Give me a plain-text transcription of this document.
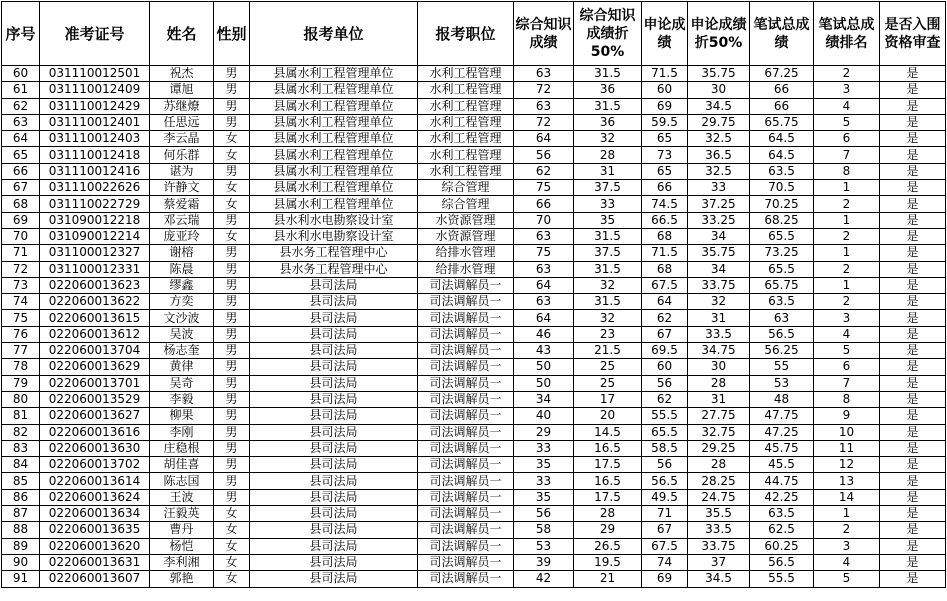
序号	准考证号	姓名	性别	报考单位	报考职位	综合知识成绩	综合知识成绩折50%	申论成绩	申论成绩折50%	笔试总成绩	笔试总成绩排名	是否入围资格审查
60	031110012501	祝杰	男	县属水利工程管理单位	水利工程管理	63	31.5	71.5	35.75	67.25	2	是
61	031110012409	谭旭	男	县属水利工程管理单位	水利工程管理	72	36	60	30	66	3	是
62	031110012429	苏继燎	男	县属水利工程管理单位	水利工程管理	63	31.5	69	34.5	66	4	是
63	031110012401	任思远	男	县属水利工程管理单位	水利工程管理	72	36	59.5	29.75	65.75	5	是
64	031110012403	李云晶	女	县属水利工程管理单位	水利工程管理	64	32	65	32.5	64.5	6	是
65	031110012418	何乐群	女	县属水利工程管理单位	水利工程管理	56	28	73	36.5	64.5	7	是
66	031110012416	谌为	男	县属水利工程管理单位	水利工程管理	62	31	65	32.5	63.5	8	是
67	031110022626	许静文	女	县属水利工程管理单位	综合管理	75	37.5	66	33	70.5	1	是
68	031110022729	蔡爱霜	女	县属水利工程管理单位	综合管理	66	33	74.5	37.25	70.25	2	是
69	031090012218	邓云瑞	男	县水利水电勘察设计室	水资源管理	70	35	66.5	33.25	68.25	1	是
70	031090012214	庞亚玲	女	县水利水电勘察设计室	水资源管理	63	31.5	68	34	65.5	2	是
71	031100012327	谢榕	男	县水务工程管理中心	给排水管理	75	37.5	71.5	35.75	73.25	1	是
72	031100012331	陈晨	男	县水务工程管理中心	给排水管理	63	31.5	68	34	65.5	2	是
73	022060013623	缪鑫	男	县司法局	司法调解员一	64	32	67.5	33.75	65.75	1	是
74	022060013622	方奕	男	县司法局	司法调解员一	63	31.5	64	32	63.5	2	是
75	022060013615	文沙波	男	县司法局	司法调解员一	64	32	62	31	63	3	是
76	022060013612	吴波	男	县司法局	司法调解员一	46	23	67	33.5	56.5	4	是
77	022060013704	杨志奎	男	县司法局	司法调解员一	43	21.5	69.5	34.75	56.25	5	是
78	022060013629	黄律	男	县司法局	司法调解员一	50	25	60	30	55	6	是
79	022060013701	吴奇	男	县司法局	司法调解员一	50	25	56	28	53	7	是
80	022060013529	李毅	男	县司法局	司法调解员一	34	17	62	31	48	8	是
81	022060013627	柳果	男	县司法局	司法调解员一	40	20	55.5	27.75	47.75	9	是
82	022060013616	李刚	男	县司法局	司法调解员一	29	14.5	65.5	32.75	47.25	10	是
83	022060013630	庄稳根	男	县司法局	司法调解员一	33	16.5	58.5	29.25	45.75	11	是
84	022060013702	胡佳喜	男	县司法局	司法调解员一	35	17.5	56	28	45.5	12	是
85	022060013614	陈志国	男	县司法局	司法调解员一	33	16.5	56.5	28.25	44.75	13	是
86	022060013624	王波	男	县司法局	司法调解员一	35	17.5	49.5	24.75	42.25	14	是
87	022060013634	汪毅英	女	县司法局	司法调解员一	56	28	71	35.5	63.5	1	是
88	022060013635	曹丹	女	县司法局	司法调解员一	58	29	67	33.5	62.5	2	是
89	022060013620	杨恺	女	县司法局	司法调解员一	53	26.5	67.5	33.75	60.25	3	是
90	022060013631	李利湘	女	县司法局	司法调解员一	39	19.5	74	37	56.5	4	是
91	022060013607	郭艳	女	县司法局	司法调解员一	42	21	69	34.5	55.5	5	是
